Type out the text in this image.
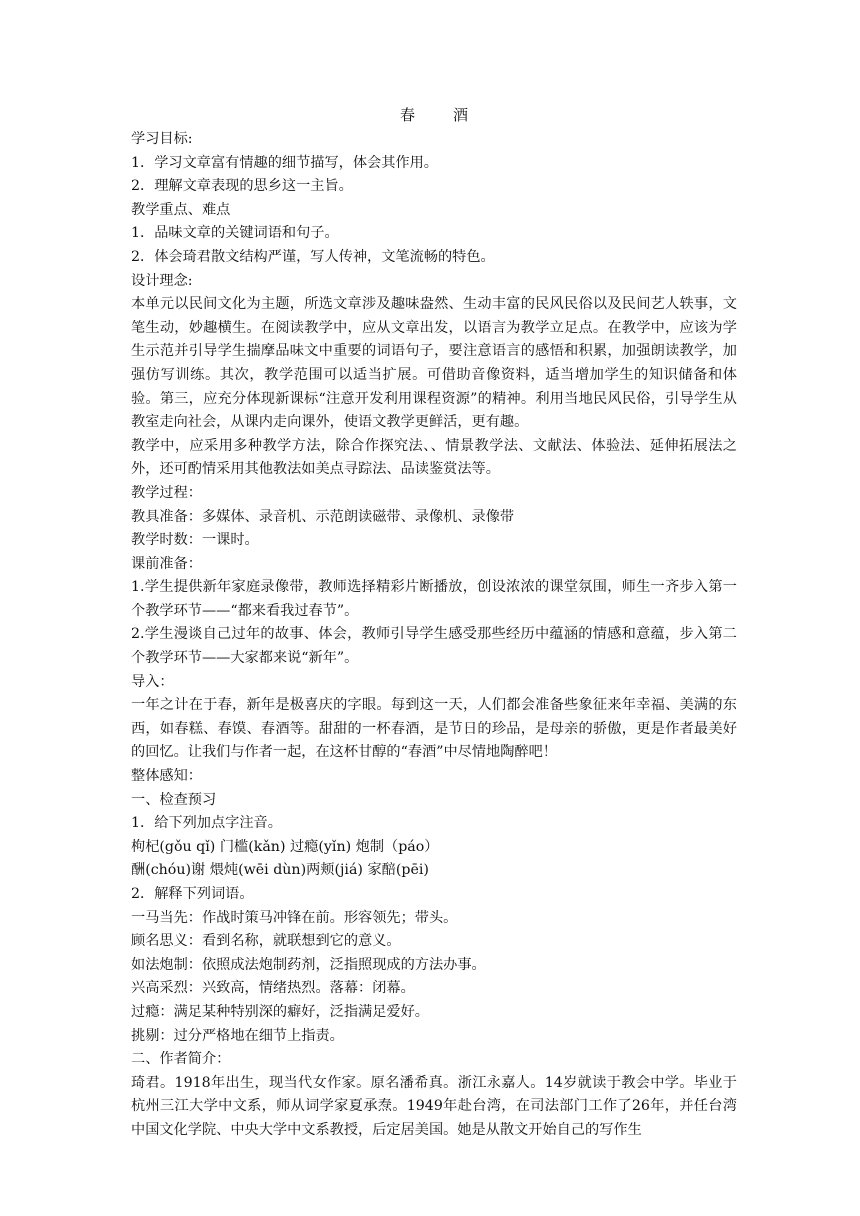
春	酒

学习目标:

1．学习文章富有情趣的细节描写，体会其作用。

2．理解文章表现的思乡这一主旨。

教学重点、难点

1．品味文章的关键词语和句子。

2．体会琦君散文结构严谨，写人传神，文笔流畅的特色。

设计理念:

本单元以民间文化为主题，所选文章涉及趣味盎然、生动丰富的民风民俗以及民间艺人轶事，文笔生动，妙趣横生。在阅读教学中，应从文章出发，以语言为教学立足点。在教学中，应该为学生示范并引导学生揣摩品味文中重要的词语句子，要注意语言的感悟和积累，加强朗读教学，加强仿写训练。其次，教学范围可以适当扩展。可借助音像资料，适当增加学生的知识储备和体验。第三，应充分体现新课标“注意开发利用课程资源”的精神。利用当地民风民俗，引导学生从教室走向社会，从课内走向课外，使语文教学更鲜活，更有趣。

教学中，应采用多种教学方法，除合作探究法、、情景教学法、文献法、体验法、延伸拓展法之外，还可酌情采用其他教法如美点寻踪法、品读鉴赏法等。

教学过程：

教具准备：多媒体、录音机、示范朗读磁带、录像机、录像带

教学时数：一课时。

课前准备：

1.学生提供新年家庭录像带，教师选择精彩片断播放，创设浓浓的课堂氛围，师生一齐步入第一个教学环节——“都来看我过春节”。

2.学生漫谈自己过年的故事、体会，教师引导学生感受那些经历中蕴涵的情感和意蕴，步入第二个教学环节——大家都来说“新年”。

导入：

一年之计在于春，新年是极喜庆的字眼。每到这一天，人们都会准备些象征来年幸福、美满的东西，如春糕、春馍、春酒等。甜甜的一杯春酒，是节日的珍品，是母亲的骄傲，更是作者最美好的回忆。让我们与作者一起，在这杯甘醇的“春酒”中尽情地陶醉吧！

整体感知：

一、检查预习

1．给下列加点字注音。

枸杞(gǒu qǐ) 门槛(kǎn) 过瘾(yǐn) 炮制（páo）

酬(chóu)谢 煨炖(wēi dùn)两颊(jiá) 家醅(pēi)

2．解释下列词语。

一马当先：作战时策马冲锋在前。形容领先；带头。

顾名思义：看到名称，就联想到它的意义。

如法炮制：依照成法炮制药剂，泛指照现成的方法办事。

兴高采烈：兴致高，情绪热烈。落幕：闭幕。

过瘾：满足某种特别深的癖好，泛指满足爱好。

挑剔：过分严格地在细节上指责。

二、作者简介：

琦君。1918年出生，现当代女作家。原名潘希真。浙江永嘉人。14岁就读于教会中学。毕业于杭州三江大学中文系，师从词学家夏承焘。1949年赴台湾，在司法部门工作了26年，并任台湾中国文化学院、中央大学中文系教授，后定居美国。她是从散文开始自己的写作生
